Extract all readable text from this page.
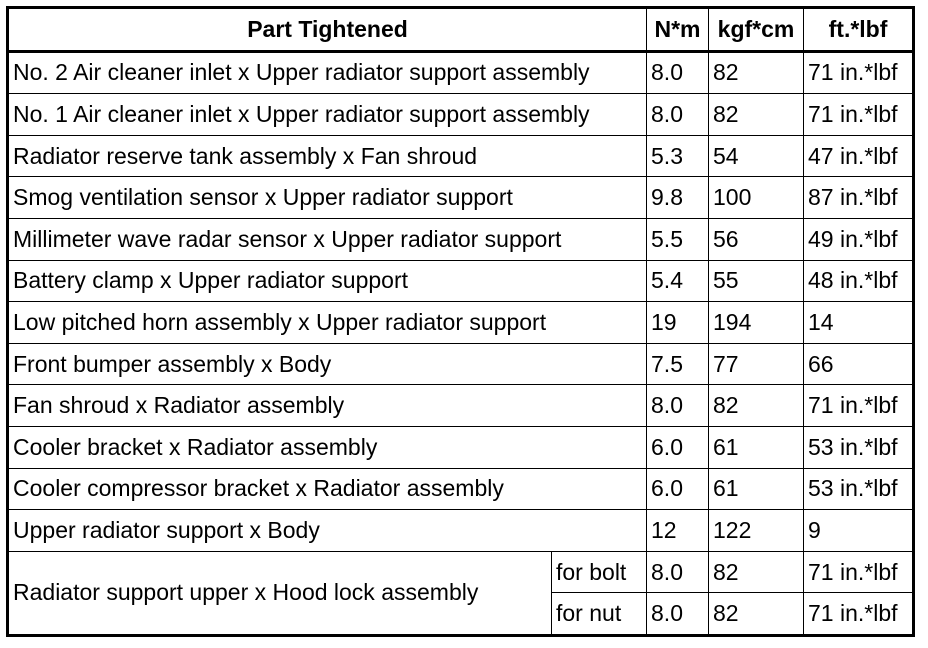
Part Tightened		N*m	kgf*cm	ft.*lbf
No. 2 Air cleaner inlet x Upper radiator support assembly		8.0	82	71 in.*lbf
No. 1 Air cleaner inlet x Upper radiator support assembly		8.0	82	71 in.*lbf
Radiator reserve tank assembly x Fan shroud		5.3	54	47 in.*lbf
Smog ventilation sensor x Upper radiator support		9.8	100	87 in.*lbf
Millimeter wave radar sensor x Upper radiator support		5.5	56	49 in.*lbf
Battery clamp x Upper radiator support		5.4	55	48 in.*lbf
Low pitched horn assembly x Upper radiator support		19	194	14
Front bumper assembly x Body		7.5	77	66
Fan shroud x Radiator assembly		8.0	82	71 in.*lbf
Cooler bracket x Radiator assembly		6.0	61	53 in.*lbf
Cooler compressor bracket x Radiator assembly		6.0	61	53 in.*lbf
Upper radiator support x Body		12	122	9
Radiator support upper x Hood lock assembly	for bolt	8.0	82	71 in.*lbf
	for nut	8.0	82	71 in.*lbf
